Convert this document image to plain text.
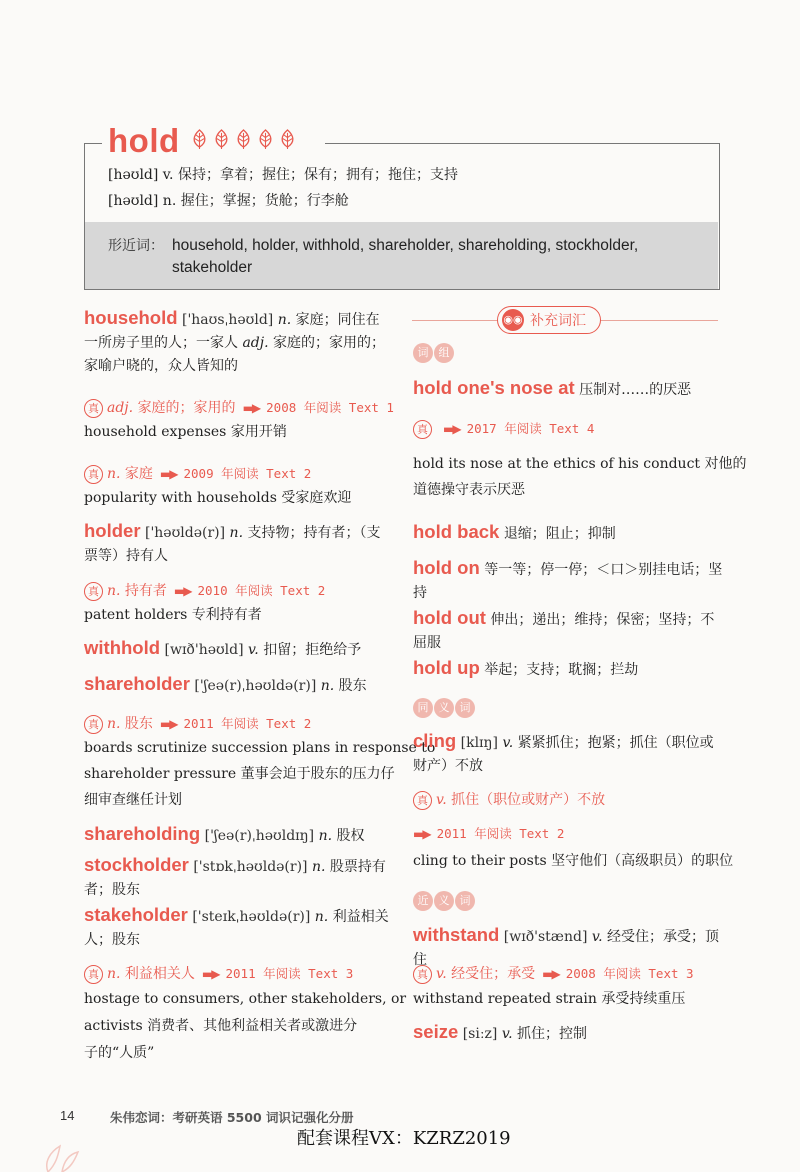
hold
[həʊld] v. 保持；拿着；握住；保有；拥有；拖住；支持
[həʊld] n. 握住；掌握；货舱；行李舱
形近词： household, holder, withhold, shareholder, shareholding, stockholder, stakeholder
household ['haʊsˌhəʊld] n. 家庭；同住在一所房子里的人；一家人 adj. 家庭的；家用的；家喻户晓的，众人皆知的
真 adj. 家庭的；家用的 ▬▶ 2008 年阅读 Text 1
household expenses 家用开销
真 n. 家庭 ▬▶ 2009 年阅读 Text 2
popularity with households 受家庭欢迎
holder ['həʊldə(r)] n. 支持物；持有者；（支票等）持有人
真 n. 持有者 ▬▶ 2010 年阅读 Text 2
patent holders 专利持有者
withhold [wɪð'həʊld] v. 扣留；拒绝给予
shareholder ['ʃeə(r)ˌhəʊldə(r)] n. 股东
真 n. 股东 ▬▶ 2011 年阅读 Text 2
boards scrutinize succession plans in response to
shareholder pressure 董事会迫于股东的压力仔
细审查继任计划
shareholding ['ʃeə(r)ˌhəʊldɪŋ] n. 股权
stockholder ['stɒkˌhəʊldə(r)] n. 股票持有者；股东
stakeholder ['steɪkˌhəʊldə(r)] n. 利益相关人；股东
真 n. 利益相关人 ▬▶ 2011 年阅读 Text 3
hostage to consumers, other stakeholders, or
activists 消费者、其他利益相关者或激进分
子的“人质”
◉◉ 补充词汇
词 组
hold one's nose at 压制对……的厌恶
真 ▬▶ 2017 年阅读 Text 4
hold its nose at the ethics of his conduct 对他的
道德操守表示厌恶
hold back 退缩；阻止；抑制
hold on 等一等；停一停；＜口＞别挂电话；坚持
hold out 伸出；递出；维持；保密；坚持；不屈服
hold up 举起；支持；耽搁；拦劫
同 义 词
cling [klɪŋ] v. 紧紧抓住；抱紧；抓住（职位或财产）不放
真 v. 抓住（职位或财产）不放
▬▶ 2011 年阅读 Text 2
cling to their posts 坚守他们（高级职员）的职位
近 义 词
withstand [wɪð'stænd] v. 经受住；承受；顶住
真 v. 经受住；承受 ▬▶ 2008 年阅读 Text 3
withstand repeated strain 承受持续重压
seize [siːz] v. 抓住；控制
14	朱伟恋词：考研英语 5500 词识记强化分册
配套课程VX：KZRZ2019
